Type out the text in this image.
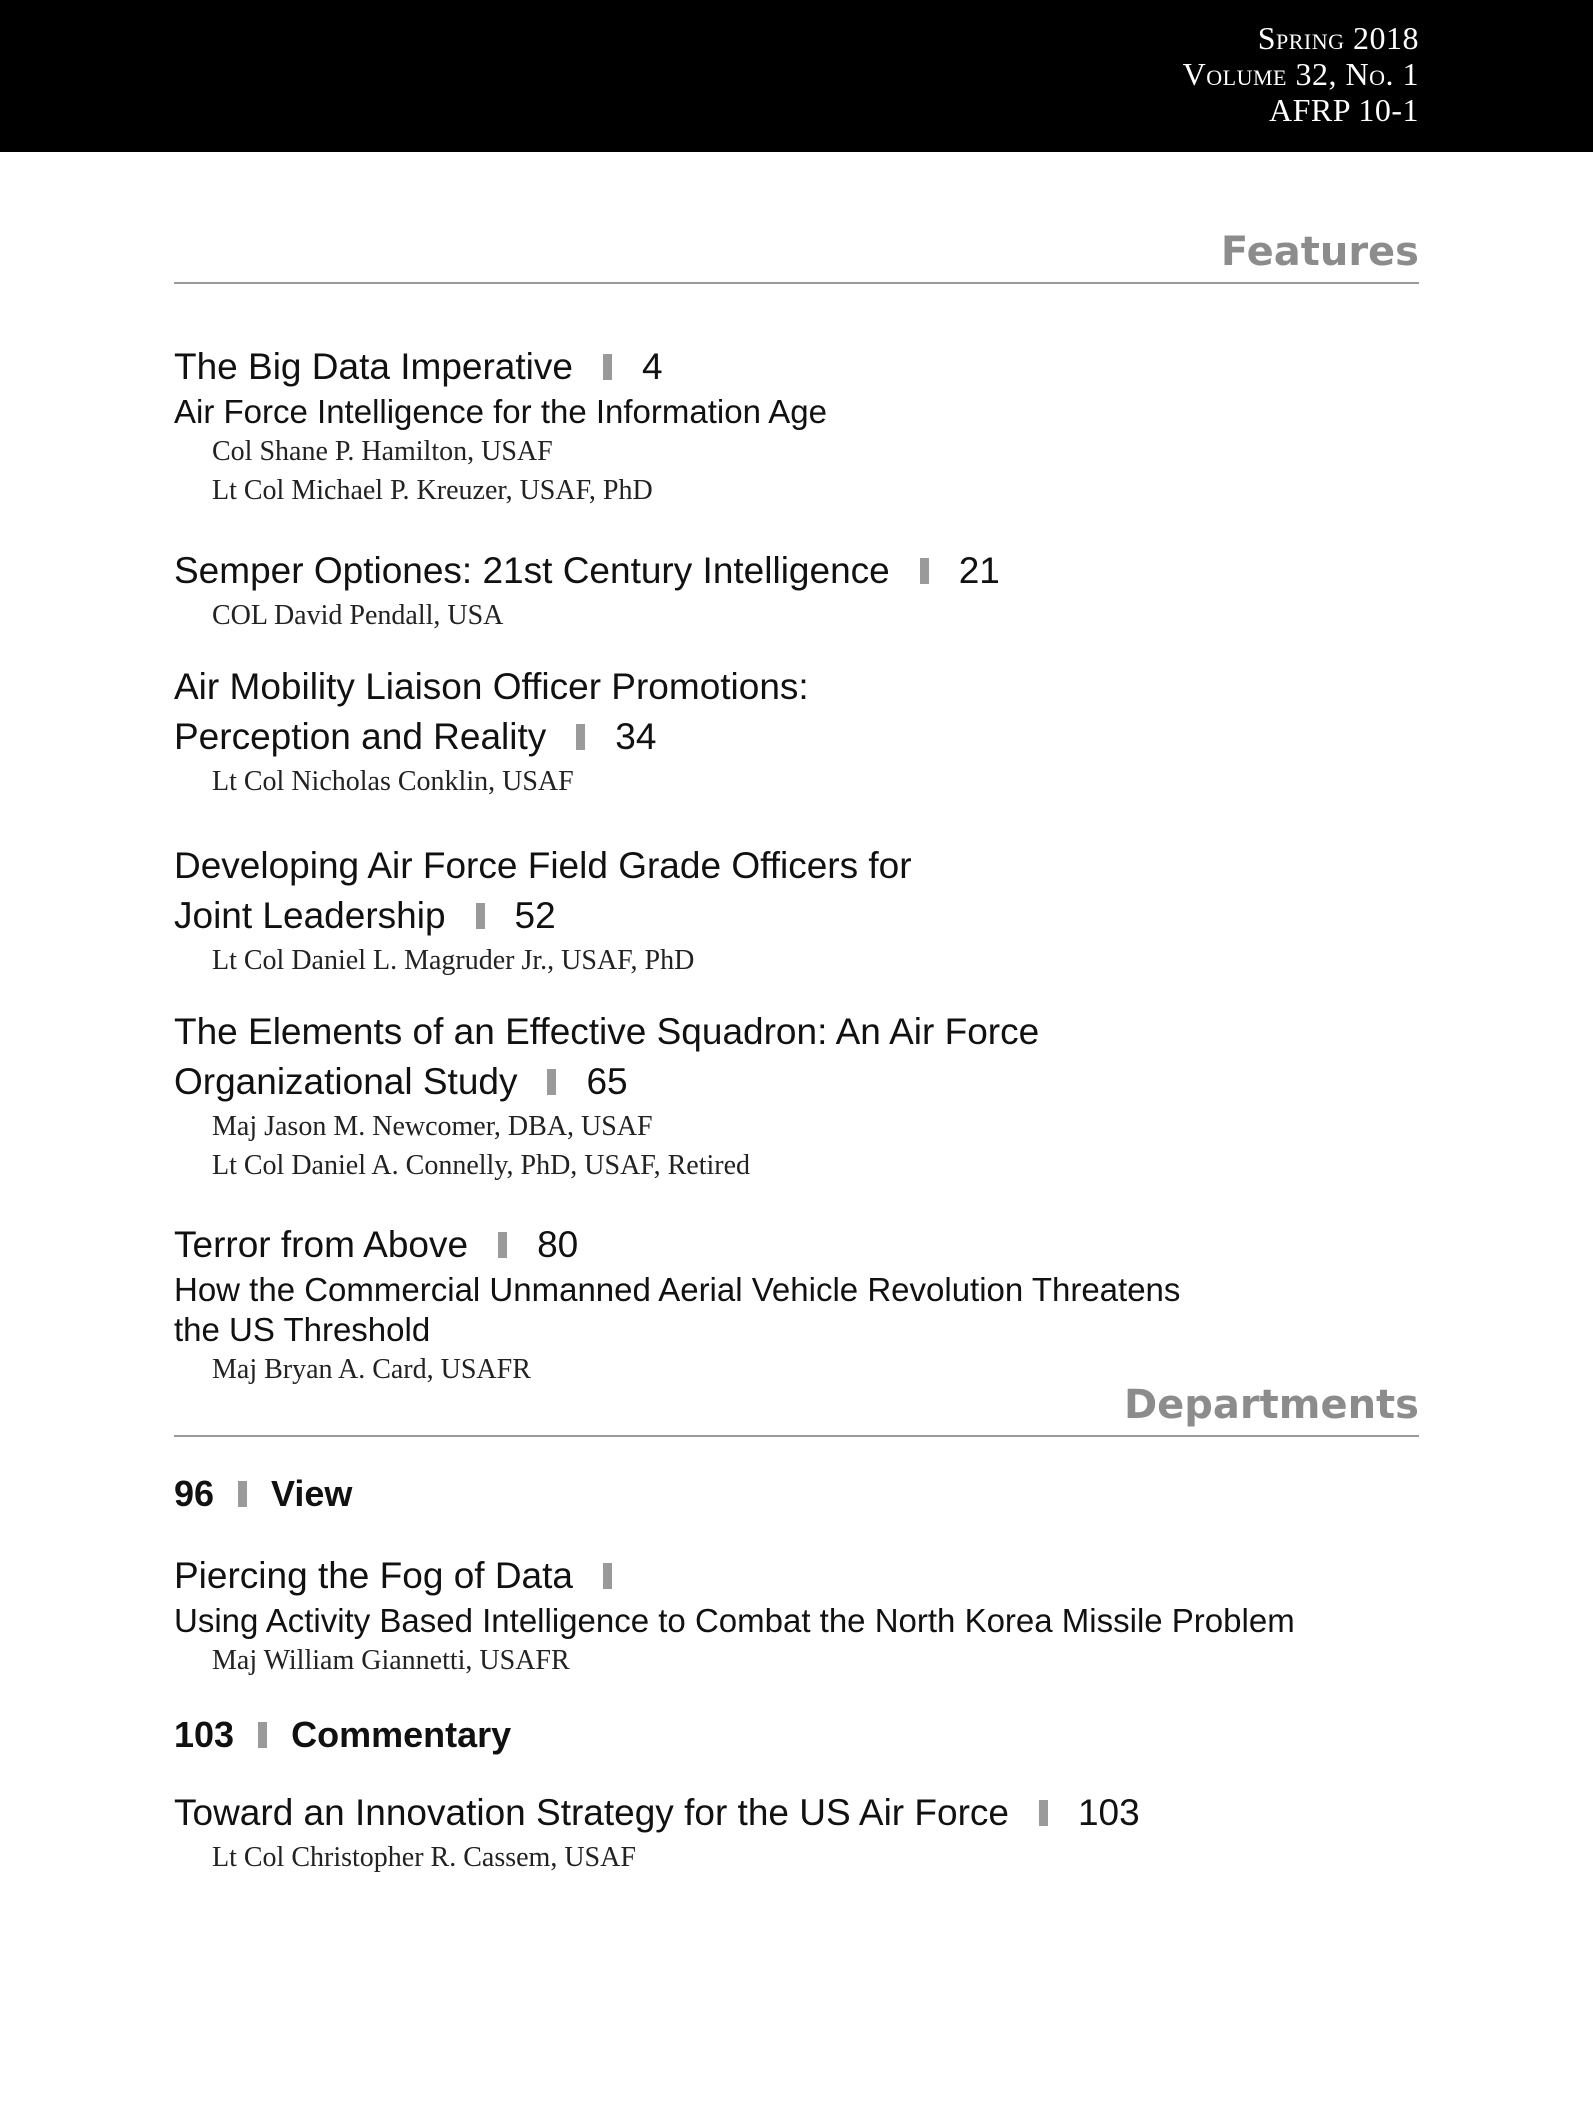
Spring 2018
Volume 32, No. 1
AFRP 10-1
Features
The Big Data Imperative 4
Air Force Intelligence for the Information Age
Col Shane P. Hamilton, USAF
Lt Col Michael P. Kreuzer, USAF, PhD
Semper Optiones: 21st Century Intelligence 21
COL David Pendall, USA
Air Mobility Liaison Officer Promotions:
Perception and Reality 34
Lt Col Nicholas Conklin, USAF
Developing Air Force Field Grade Officers for
Joint Leadership 52
Lt Col Daniel L. Magruder Jr., USAF, PhD
The Elements of an Effective Squadron: An Air Force
Organizational Study 65
Maj Jason M. Newcomer, DBA, USAF
Lt Col Daniel A. Connelly, PhD, USAF, Retired
Terror from Above 80
How the Commercial Unmanned Aerial Vehicle Revolution Threatens
the US Threshold
Maj Bryan A. Card, USAFR
Departments
96 View
Piercing the Fog of Data
Using Activity Based Intelligence to Combat the North Korea Missile Problem
Maj William Giannetti, USAFR
103 Commentary
Toward an Innovation Strategy for the US Air Force 103
Lt Col Christopher R. Cassem, USAF
